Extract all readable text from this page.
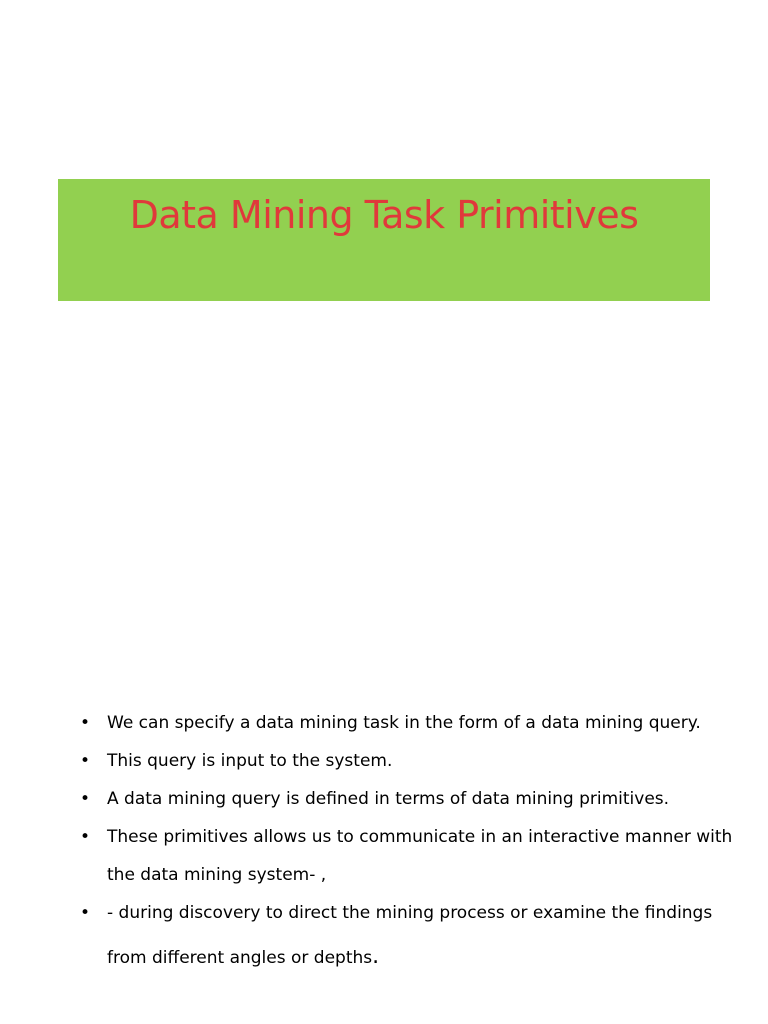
Data Mining Task Primitives
• We can specify a data mining task in the form of a data mining query.
• This query is input to the system.
• A data mining query is defined in terms of data mining primitives.
• These primitives allows us to communicate in an interactive manner with the data mining system- ,
• - during discovery to direct the mining process or examine the findings
from different angles or depths.
